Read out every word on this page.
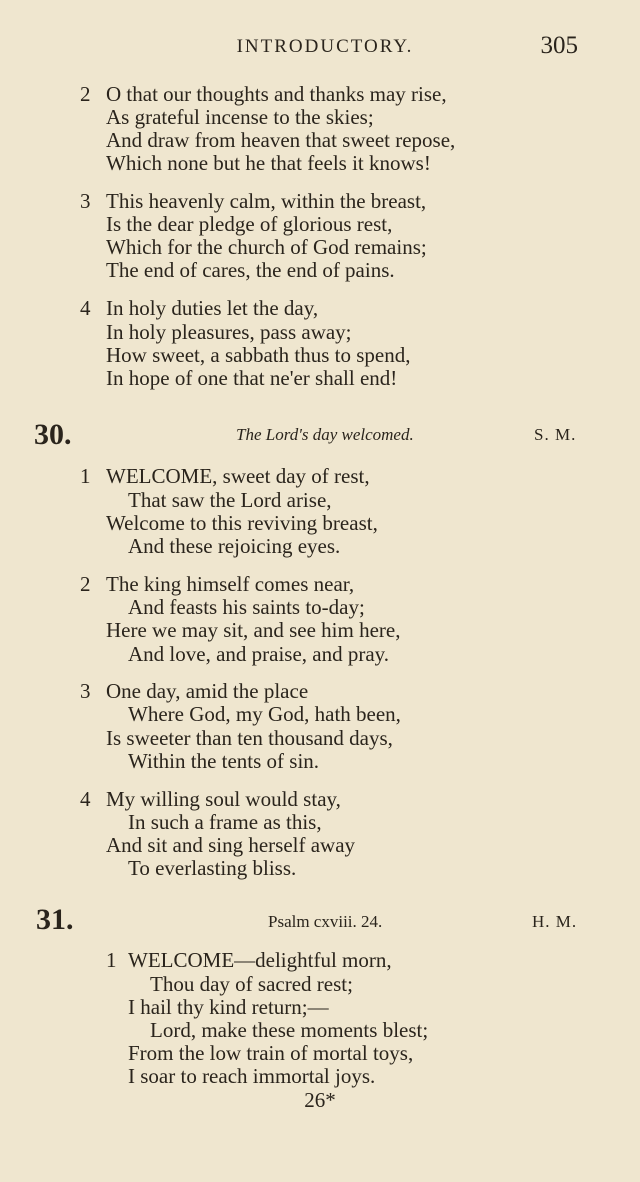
INTRODUCTORY.	305
2 O that our thoughts and thanks may rise,
As grateful incense to the skies;
And draw from heaven that sweet repose,
Which none but he that feels it knows!
3 This heavenly calm, within the breast,
Is the dear pledge of glorious rest,
Which for the church of God remains;
The end of cares, the end of pains.
4 In holy duties let the day,
In holy pleasures, pass away;
How sweet, a sabbath thus to spend,
In hope of one that ne'er shall end!
30.	The Lord's day welcomed.	S. M.
1 WELCOME, sweet day of rest,
That saw the Lord arise,
Welcome to this reviving breast,
And these rejoicing eyes.
2 The king himself comes near,
And feasts his saints to-day;
Here we may sit, and see him here,
And love, and praise, and pray.
3 One day, amid the place
Where God, my God, hath been,
Is sweeter than ten thousand days,
Within the tents of sin.
4 My willing soul would stay,
In such a frame as this,
And sit and sing herself away
To everlasting bliss.
31.	Psalm cxviii. 24.	H. M.
1 WELCOME—delightful morn,
Thou day of sacred rest;
I hail thy kind return;—
Lord, make these moments blest;
From the low train of mortal toys,
I soar to reach immortal joys.
26*
